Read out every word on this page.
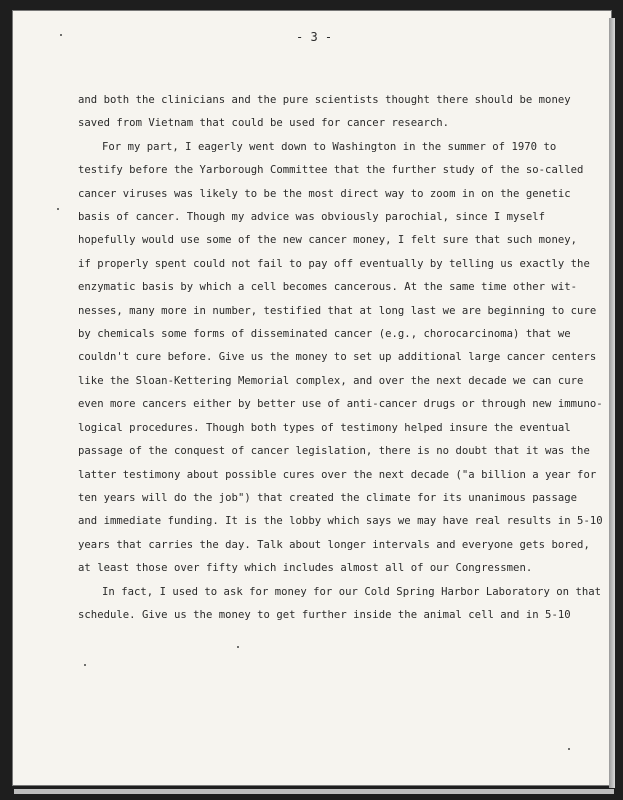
- 3 -
and both the clinicians and the pure scientists thought there should be money
saved from Vietnam that could be used for cancer research.
For my part, I eagerly went down to Washington in the summer of 1970 to
testify before the Yarborough Committee that the further study of the so-called
cancer viruses was likely to be the most direct way to zoom in on the genetic
basis of cancer. Though my advice was obviously parochial, since I myself
hopefully would use some of the new cancer money, I felt sure that such money,
if properly spent could not fail to pay off eventually by telling us exactly the
enzymatic basis by which a cell becomes cancerous. At the same time other wit-
nesses, many more in number, testified that at long last we are beginning to cure
by chemicals some forms of disseminated cancer (e.g., chorocarcinoma) that we
couldn't cure before. Give us the money to set up additional large cancer centers
like the Sloan-Kettering Memorial complex, and over the next decade we can cure
even more cancers either by better use of anti-cancer drugs or through new immuno-
logical procedures. Though both types of testimony helped insure the eventual
passage of the conquest of cancer legislation, there is no doubt that it was the
latter testimony about possible cures over the next decade ("a billion a year for
ten years will do the job") that created the climate for its unanimous passage
and immediate funding. It is the lobby which says we may have real results in 5-10
years that carries the day. Talk about longer intervals and everyone gets bored,
at least those over fifty which includes almost all of our Congressmen.
In fact, I used to ask for money for our Cold Spring Harbor Laboratory on that
schedule. Give us the money to get further inside the animal cell and in 5-10
